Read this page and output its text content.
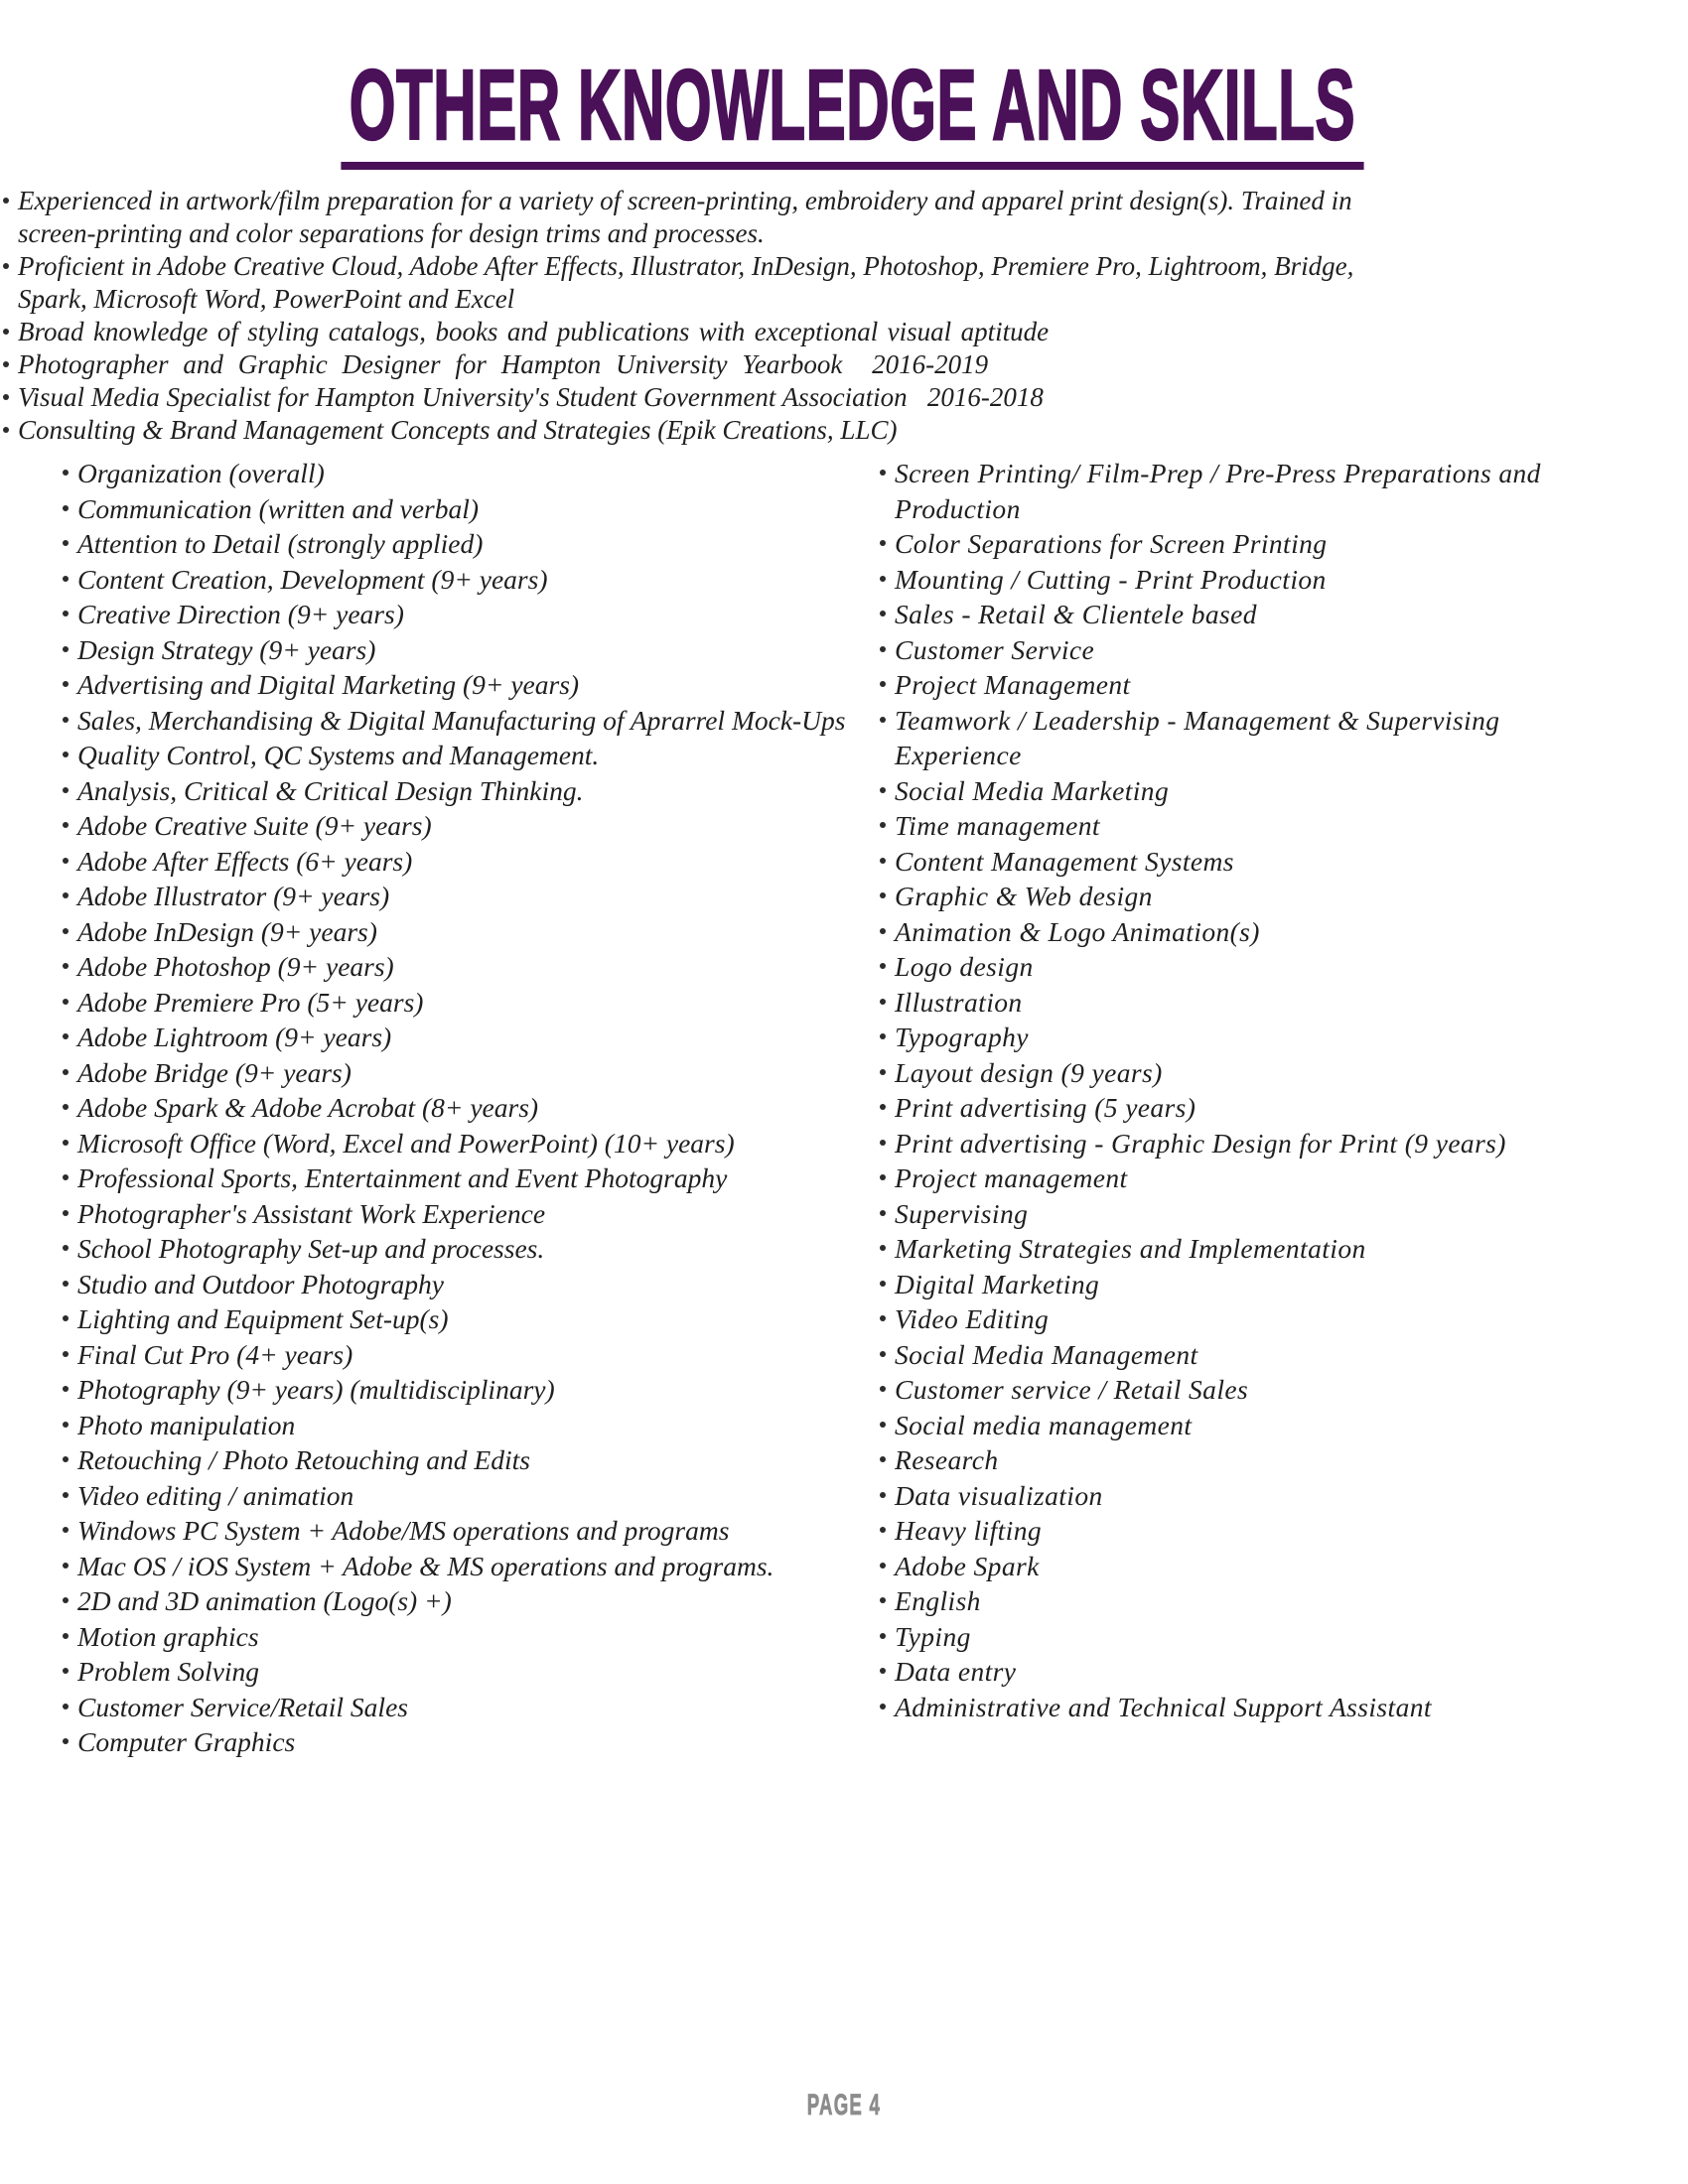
OTHER KNOWLEDGE AND SKILLS
Experienced in artwork/film preparation for a variety of screen-printing, embroidery and apparel print design(s). Trained in screen-printing and color separations for design trims and processes.
Proficient in Adobe Creative Cloud, Adobe After Effects, Illustrator, InDesign, Photoshop, Premiere Pro, Lightroom, Bridge, Spark, Microsoft Word, PowerPoint and Excel
Broad knowledge of styling catalogs, books and publications with exceptional visual aptitude
Photographer and Graphic Designer for Hampton University Yearbook  2016-2019
Visual Media Specialist for Hampton University's Student Government Association   2016-2018
Consulting & Brand Management Concepts and Strategies (Epik Creations, LLC)
Organization (overall)
Communication (written and verbal)
Attention to Detail (strongly applied)
Content Creation, Development (9+ years)
Creative Direction (9+ years)
Design Strategy (9+ years)
Advertising and Digital Marketing (9+ years)
Sales, Merchandising & Digital Manufacturing of Aprarrel Mock-Ups
Quality Control, QC Systems and Management.
Analysis, Critical & Critical Design Thinking.
Adobe Creative Suite (9+ years)
Adobe After Effects (6+ years)
Adobe Illustrator (9+ years)
Adobe InDesign (9+ years)
Adobe Photoshop (9+ years)
Adobe Premiere Pro (5+ years)
Adobe Lightroom (9+ years)
Adobe Bridge (9+ years)
Adobe Spark & Adobe Acrobat (8+ years)
Microsoft Office (Word, Excel and PowerPoint) (10+ years)
Professional Sports, Entertainment and Event Photography
Photographer's Assistant Work Experience
School Photography Set-up and processes.
Studio and Outdoor Photography
Lighting and Equipment Set-up(s)
Final Cut Pro (4+ years)
Photography (9+ years) (multidisciplinary)
Photo manipulation
Retouching / Photo Retouching and Edits
Video editing / animation
Windows PC System + Adobe/MS operations and programs
Mac OS / iOS System + Adobe & MS operations and programs.
2D and 3D animation (Logo(s) +)
Motion graphics
Problem Solving
Customer Service/Retail Sales
Computer Graphics
Screen Printing/ Film-Prep / Pre-Press Preparations and Production
Color Separations for Screen Printing
Mounting / Cutting - Print Production
Sales - Retail & Clientele based
Customer Service
Project Management
Teamwork / Leadership - Management & Supervising Experience
Social Media Marketing
Time management
Content Management Systems
Graphic & Web design
Animation & Logo Animation(s)
Logo design
Illustration
Typography
Layout design (9 years)
Print advertising (5 years)
Print advertising - Graphic Design for Print (9 years)
Project management
Supervising
Marketing Strategies and Implementation
Digital Marketing
Video Editing
Social Media Management
Customer service / Retail Sales
Social media management
Research
Data visualization
Heavy lifting
Adobe Spark
English
Typing
Data entry
Administrative and Technical Support Assistant
PAGE 4
